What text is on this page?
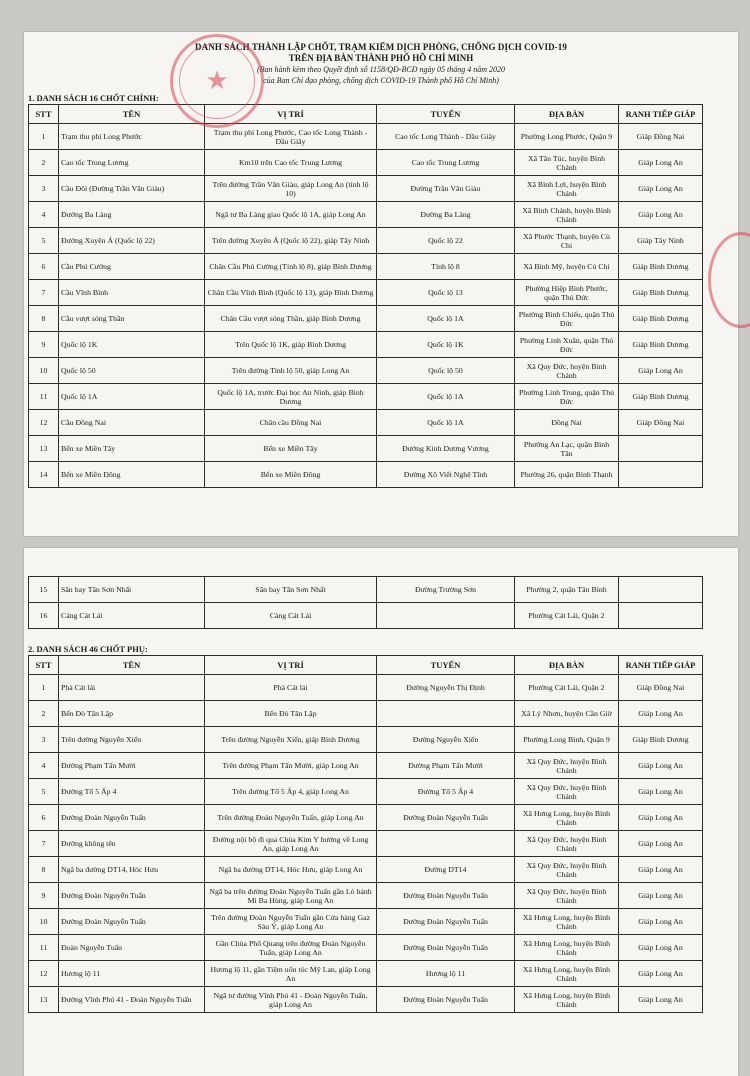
★
DANH SÁCH THÀNH LẬP CHỐT, TRẠM KIỂM DỊCH PHÒNG, CHỐNG DỊCH COVID-19
TRÊN ĐỊA BÀN THÀNH PHỐ HỒ CHÍ MINH
(Ban hành kèm theo Quyết định số 1158/QĐ-BCĐ ngày 05 tháng 4 năm 2020
của Ban Chỉ đạo phòng, chống dịch COVID-19 Thành phố Hồ Chí Minh)
1. DANH SÁCH 16 CHỐT CHÍNH:
STT	TÊN	VỊ TRÍ	TUYẾN	ĐỊA BÀN	RANH TIẾP GIÁP
1	Trạm thu phí Long Phước	Trạm thu phí Long Phước, Cao tốc Long Thành - Dầu Giây	Cao tốc Long Thành - Dầu Giây	Phường Long Phước, Quận 9	Giáp Đồng Nai
2	Cao tốc Trung Lương	Km10 trên Cao tốc Trung Lương	Cao tốc Trung Lương	Xã Tân Túc, huyện Bình Chánh	Giáp Long An
3	Cầu Đôi (Đường Trần Văn Giàu)	Trên đường Trần Văn Giàu, giáp Long An (tỉnh lộ 10)	Đường Trần Văn Giàu	Xã Bình Lợi, huyện Bình Chánh	Giáp Long An
4	Đường Ba Làng	Ngã tư Ba Làng giao Quốc lộ 1A, giáp Long An	Đường Ba Làng	Xã Bình Chánh, huyện Bình Chánh	Giáp Long An
5	Đường Xuyên Á (Quốc lộ 22)	Trên đường Xuyên Á (Quốc lộ 22), giáp Tây Ninh	Quốc lộ 22	Xã Phước Thạnh, huyện Củ Chi	Giáp Tây Ninh
6	Cầu Phú Cường	Chân Cầu Phú Cường (Tỉnh lộ 8), giáp Bình Dương	Tỉnh lộ 8	Xã Bình Mỹ, huyện Củ Chi	Giáp Bình Dương
7	Cầu Vĩnh Bình	Chân Cầu Vĩnh Bình (Quốc lộ 13), giáp Bình Dương	Quốc lộ 13	Phường Hiệp Bình Phước, quận Thủ Đức	Giáp Bình Dương
8	Cầu vượt sóng Thần	Chân Cầu vượt sóng Thần, giáp Bình Dương	Quốc lộ 1A	Phường Bình Chiểu, quận Thủ Đức	Giáp Bình Dương
9	Quốc lộ 1K	Trên Quốc lộ 1K, giáp Bình Dương	Quốc lộ 1K	Phường Linh Xuân, quận Thủ Đức	Giáp Bình Dương
10	Quốc lộ 50	Trên đường Tỉnh lộ 50, giáp Long An	Quốc lộ 50	Xã Quy Đức, huyện Bình Chánh	Giáp Long An
11	Quốc lộ 1A	Quốc lộ 1A, trước Đại học An Ninh, giáp Bình Dương	Quốc lộ 1A	Phường Linh Trung, quận Thủ Đức	Giáp Bình Dương
12	Cầu Đồng Nai	Chân cầu Đồng Nai	Quốc lộ 1A	Đồng Nai	Giáp Đồng Nai
13	Bến xe Miền Tây	Bến xe Miền Tây	Đường Kinh Dương Vương	Phường An Lạc, quận Bình Tân	
14	Bến xe Miền Đông	Bến xe Miền Đông	Đường Xô Viết Nghệ Tĩnh	Phường 26, quận Bình Thạnh	
15	Sân bay Tân Sơn Nhất	Sân bay Tân Sơn Nhất	Đường Trường Sơn	Phường 2, quận Tân Bình	
16	Cảng Cát Lái	Cảng Cát Lái		Phường Cát Lái, Quận 2	
2. DANH SÁCH 46 CHỐT PHỤ:
STT	TÊN	VỊ TRÍ	TUYẾN	ĐỊA BÀN	RANH TIẾP GIÁP
1	Phà Cát lái	Phà Cát lái	Đường Nguyễn Thị Định	Phường Cát Lái, Quận 2	Giáp Đồng Nai
2	Bến Đò Tân Lập	Bến Đò Tân Lập		Xã Lý Nhơn, huyện Cần Giờ	Giáp Long An
3	Trên đường Nguyễn Xiển	Trên đường Nguyễn Xiển, giáp Bình Dương	Đường Nguyễn Xiển	Phường Long Bình, Quận 9	Giáp Bình Dương
4	Đường Phạm Tấn Mười	Trên đường Phạm Tấn Mười, giáp Long An	Đường Phạm Tấn Mười	Xã Quy Đức, huyện Bình Chánh	Giáp Long An
5	Đường Tổ 5 Ấp 4	Trên đường Tổ 5 Ấp 4, giáp Long An	Đường Tổ 5 Ấp 4	Xã Quy Đức, huyện Bình Chánh	Giáp Long An
6	Đường Đoàn Nguyễn Tuấn	Trên đường Đoàn Nguyễn Tuấn, giáp Long An	Đường Đoàn Nguyễn Tuấn	Xã Hưng Long, huyện Bình Chánh	Giáp Long An
7	Đường không tên	Đường nội bộ đi qua Chùa Kim Y hướng về Long An, giáp Long An		Xã Quy Đức, huyện Bình Chánh	Giáp Long An
8	Ngã ba đường DT14, Hóc Hưu	Ngã ba đường DT14, Hóc Hưu, giáp Long An	Đường DT14	Xã Quy Đức, huyện Bình Chánh	Giáp Long An
9	Đường Đoàn Nguyễn Tuấn	Ngã ba trên đường Đoàn Nguyễn Tuấn gần Lò bánh Mì Ba Hùng, giáp Long An	Đường Đoàn Nguyễn Tuấn	Xã Quy Đức, huyện Bình Chánh	Giáp Long An
10	Đường Đoàn Nguyễn Tuấn	Trên đường Đoàn Nguyễn Tuấn gần Cửa hàng Gaz Sáu Ý, giáp Long An	Đường Đoàn Nguyễn Tuấn	Xã Hưng Long, huyện Bình Chánh	Giáp Long An
11	Đoàn Nguyễn Tuấn	Gần Chùa Phổ Quang trên đường Đoàn Nguyễn Tuấn, giáp Long An	Đường Đoàn Nguyễn Tuấn	Xã Hưng Long, huyện Bình Chánh	Giáp Long An
12	Hương lộ 11	Hương lộ 11, gần Tiệm uốn tóc Mỹ Lan, giáp Long An	Hương lộ 11	Xã Hưng Long, huyện Bình Chánh	Giáp Long An
13	Đường Vĩnh Phú 41 - Đoàn Nguyễn Tuấn	Ngã tư đường Vĩnh Phú 41 - Đoàn Nguyễn Tuấn, giáp Long An	Đường Đoàn Nguyễn Tuấn	Xã Hưng Long, huyện Bình Chánh	Giáp Long An
